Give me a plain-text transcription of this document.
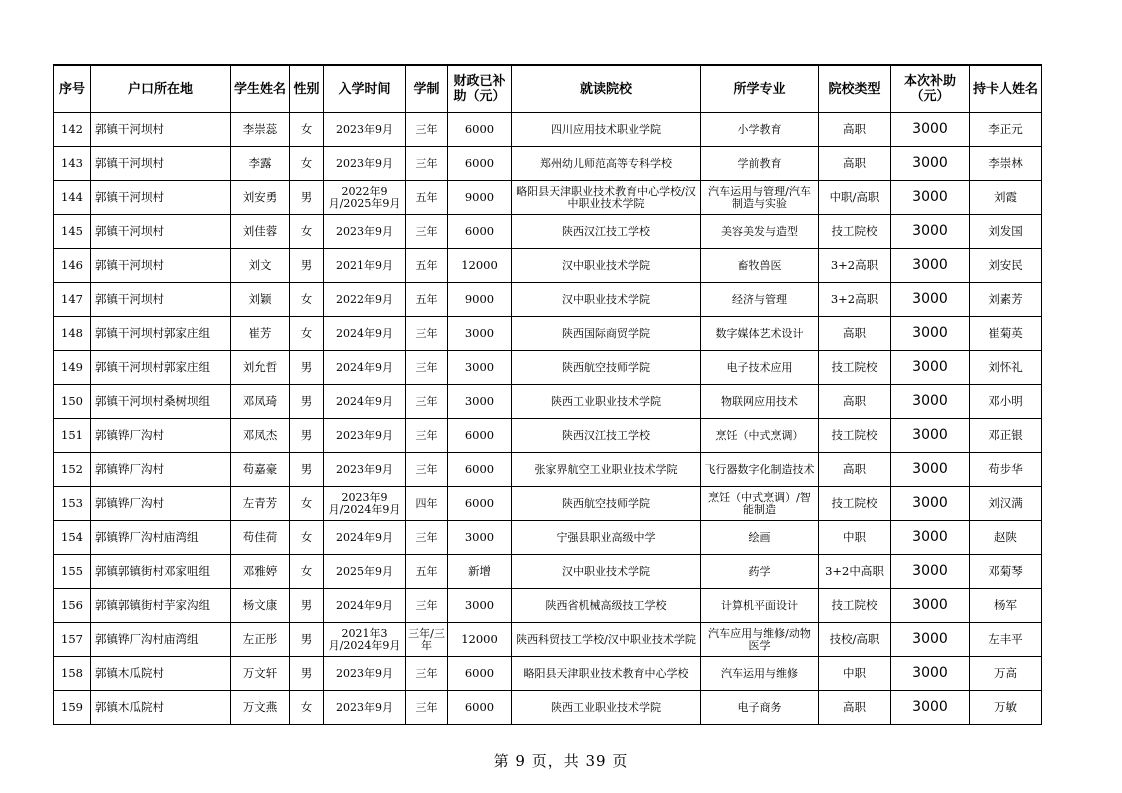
序号	户口所在地	学生姓名	性别	入学时间	学制	财政已补助（元）	就读院校	所学专业	院校类型	本次补助（元）	持卡人姓名
142	郭镇干河坝村	李崇蕊	女	2023年9月	三年	6000	四川应用技术职业学院	小学教育	高职	3000	李正元
143	郭镇干河坝村	李露	女	2023年9月	三年	6000	郑州幼儿师范高等专科学校	学前教育	高职	3000	李崇林
144	郭镇干河坝村	刘安勇	男	2022年9月/2025年9月	五年	9000	略阳县天津职业技术教育中心学校/汉中职业技术学院	汽车运用与管理/汽车制造与实验	中职/高职	3000	刘霞
145	郭镇干河坝村	刘佳蓉	女	2023年9月	三年	6000	陕西汉江技工学校	美容美发与造型	技工院校	3000	刘发国
146	郭镇干河坝村	刘文	男	2021年9月	五年	12000	汉中职业技术学院	畜牧兽医	3+2高职	3000	刘安民
147	郭镇干河坝村	刘颖	女	2022年9月	五年	9000	汉中职业技术学院	经济与管理	3+2高职	3000	刘素芳
148	郭镇干河坝村郭家庄组	崔芳	女	2024年9月	三年	3000	陕西国际商贸学院	数字媒体艺术设计	高职	3000	崔菊英
149	郭镇干河坝村郭家庄组	刘允哲	男	2024年9月	三年	3000	陕西航空技师学院	电子技术应用	技工院校	3000	刘怀礼
150	郭镇干河坝村桑树坝组	邓凤琦	男	2024年9月	三年	3000	陕西工业职业技术学院	物联网应用技术	高职	3000	邓小明
151	郭镇铧厂沟村	邓凤杰	男	2023年9月	三年	6000	陕西汉江技工学校	烹饪（中式烹调）	技工院校	3000	邓正银
152	郭镇铧厂沟村	苟嘉豪	男	2023年9月	三年	6000	张家界航空工业职业技术学院	飞行器数字化制造技术	高职	3000	苟步华
153	郭镇铧厂沟村	左青芳	女	2023年9月/2024年9月	四年	6000	陕西航空技师学院	烹饪（中式烹调）/智能制造	技工院校	3000	刘汉满
154	郭镇铧厂沟村庙湾组	苟佳荷	女	2024年9月	三年	3000	宁强县职业高级中学	绘画	中职	3000	赵陕
155	郭镇郭镇街村邓家咀组	邓雅婷	女	2025年9月	五年	新增	汉中职业技术学院	药学	3+2中高职	3000	邓菊琴
156	郭镇郭镇街村芋家沟组	杨文康	男	2024年9月	三年	3000	陕西省机械高级技工学校	计算机平面设计	技工院校	3000	杨军
157	郭镇铧厂沟村庙湾组	左正彤	男	2021年3月/2024年9月	三年/三年	12000	陕西科贸技工学校/汉中职业技术学院	汽车应用与维修/动物医学	技校/高职	3000	左丰平
158	郭镇木瓜院村	万文轩	男	2023年9月	三年	6000	略阳县天津职业技术教育中心学校	汽车运用与维修	中职	3000	万高
159	郭镇木瓜院村	万文燕	女	2023年9月	三年	6000	陕西工业职业技术学院	电子商务	高职	3000	万敏
第 9 页，共 39 页
